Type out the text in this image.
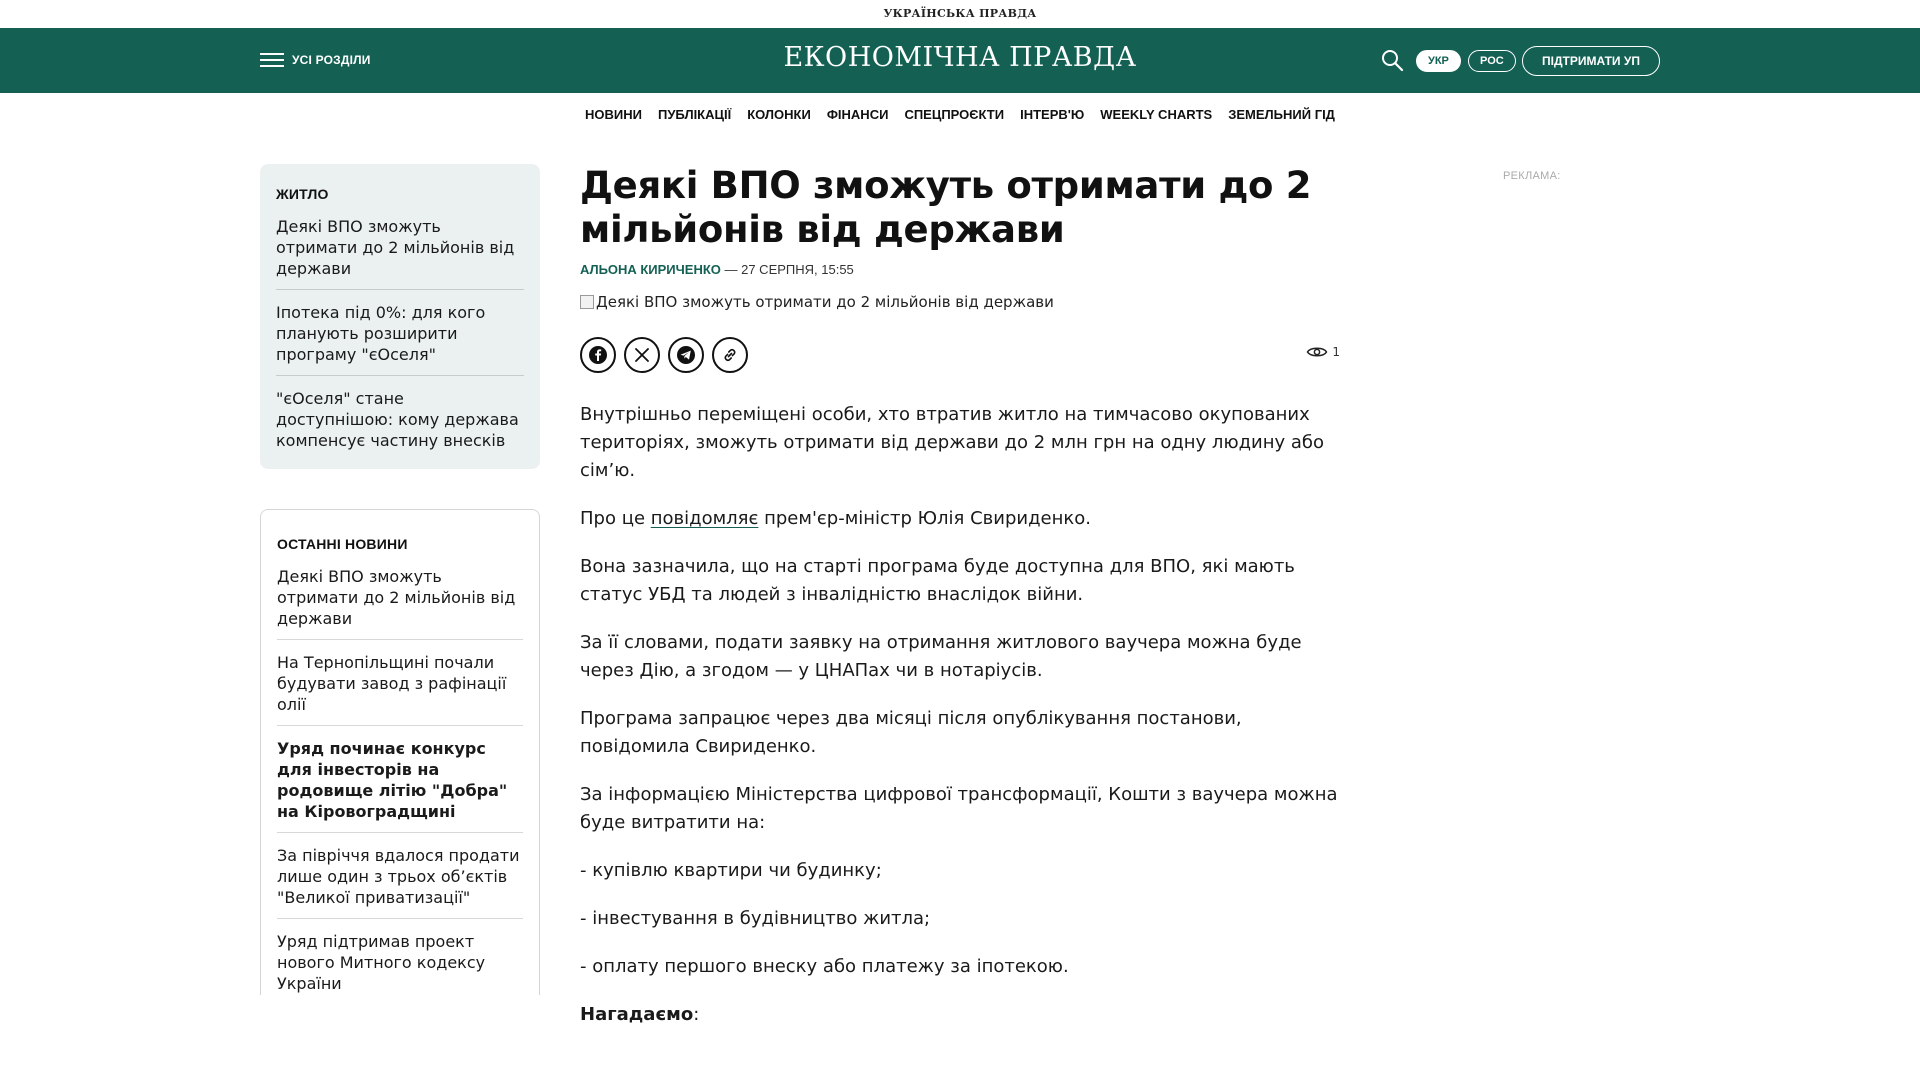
УКРАЇНСЬКА ПРАВДА
УСІ РОЗДІЛИ	ЕКОНОМІЧНА ПРАВДА	УКР	РОС	ПІДТРИМАТИ УП
НОВИНИ ПУБЛІКАЦІЇ КОЛОНКИ ФІНАНСИ СПЕЦПРОЄКТИ ІНТЕРВ'Ю WEEKLY CHARTS ЗЕМЕЛЬНИЙ ГІД
ЖИТЛО
Деякі ВПО зможуть отримати до 2 мільйонів від держави
Іпотека під 0%: для кого планують розширити програму "єОселя"
"єОселя" стане доступнішою: кому держава компенсує частину внесків
ОСТАННІ НОВИНИ
Деякі ВПО зможуть отримати до 2 мільйонів від держави
На Тернопільщині почали будувати завод з рафінації олії
Уряд починає конкурс для інвесторів на родовище літію "Добра" на Кіровоградщині
За півріччя вдалося продати лише один з трьох об’єктів "Великої приватизації"
Уряд підтримав проект нового Митного кодексу України
Деякі ВПО зможуть отримати до 2 мільйонів від держави
АЛЬОНА КИРИЧЕНКО — 27 СЕРПНЯ, 15:55
Деякі ВПО зможуть отримати до 2 мільйонів від держави
1

Внутрішньо переміщені особи, хто втратив житло на тимчасово окупованих територіях, зможуть отримати від держави до 2 млн грн на одну людину або сім’ю.

Про це повідомляє прем'єр-міністр Юлія Свириденко.

Вона зазначила, що на старті програма буде доступна для ВПО, які мають статус УБД та людей з інвалідністю внаслідок війни.

За її словами, подати заявку на отримання житлового ваучера можна буде через Дію, а згодом — у ЦНАПах чи в нотаріусів.

Програма запрацює через два місяці після опублікування постанови, повідомила Свириденко.

За інформацією Міністерства цифрової трансформації, Кошти з ваучера можна буде витратити на:

- купівлю квартири чи будинку;

- інвестування в будівництво житла;

- оплату першого внеску або платежу за іпотекою.

Нагадаємо:

РЕКЛАМА:
